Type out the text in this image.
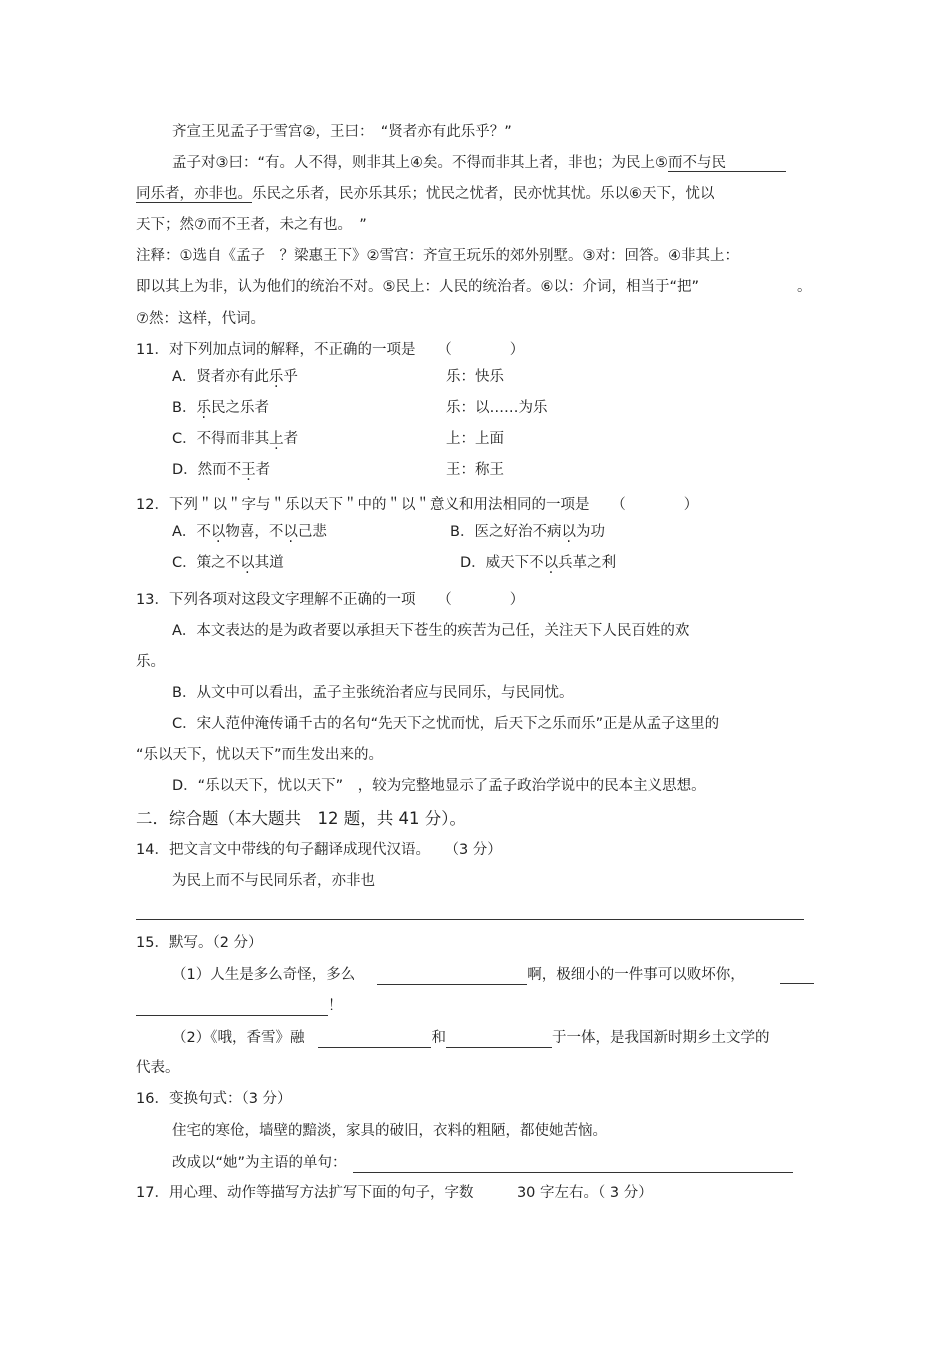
齐宣王见孟子于雪宫②，王曰：　“贤者亦有此乐乎？”
孟子对③曰：“有。人不得，则非其上④矣。不得而非其上者，非也；为民上⑤而不与民
同乐者，亦非也。乐民之乐者，民亦乐其乐；忧民之忧者，民亦忧其忧。乐以⑥天下，忧以
天下；然⑦而不王者，未之有也。　”
注释：①选自《孟子　？梁惠王下》②雪宫：齐宣王玩乐的郊外别墅。③对：回答。④非其上：
即以其上为非，认为他们的统治不对。⑤民上：人民的统治者。⑥以：介词，相当于“把”	。
⑦然：这样，代词。
11．对下列加点词的解释，不正确的一项是　　（　　　　）
A．贤者亦有此乐乎	乐：快乐
B．乐民之乐者	乐：以……为乐
C．不得而非其上者	上：上面
D．然而不王者	王：称王
12．下列＂以＂字与＂乐以天下＂中的＂以＂意义和用法相同的一项是　　（　　　　）
A．不以物喜，不以己悲	B．医之好治不病以为功
C．策之不以其道	D．威天下不以兵革之利
13．下列各项对这段文字理解不正确的一项　　（　　　　）
A．本文表达的是为政者要以承担天下苍生的疾苦为己任，关注天下人民百姓的欢
乐。
B．从文中可以看出，孟子主张统治者应与民同乐，与民同忧。
C．宋人范仲淹传诵千古的名句“先天下之忧而忧，后天下之乐而乐”正是从孟子这里的
“乐以天下，忧以天下”而生发出来的。
D．“乐以天下，忧以天下”　，较为完整地显示了孟子政治学说中的民本主义思想。
二．综合题（本大题共　12 题，共 41 分）。
14．把文言文中带线的句子翻译成现代汉语。　　（3 分）
为民上而不与民同乐者，亦非也
15．默写。（2 分）
（1）人生是多么奇怪，多么	啊，极细小的一件事可以败坏你，
！
（2）《哦，香雪》融	和	于一体，是我国新时期乡土文学的
代表。
16．变换句式：（3 分）
住宅的寒伧，墙壁的黯淡，家具的破旧，衣料的粗陋，都使她苦恼。
改成以“她”为主语的单句：
17．用心理、动作等描写方法扩写下面的句子，字数　　　30 字左右。（ 3 分）
